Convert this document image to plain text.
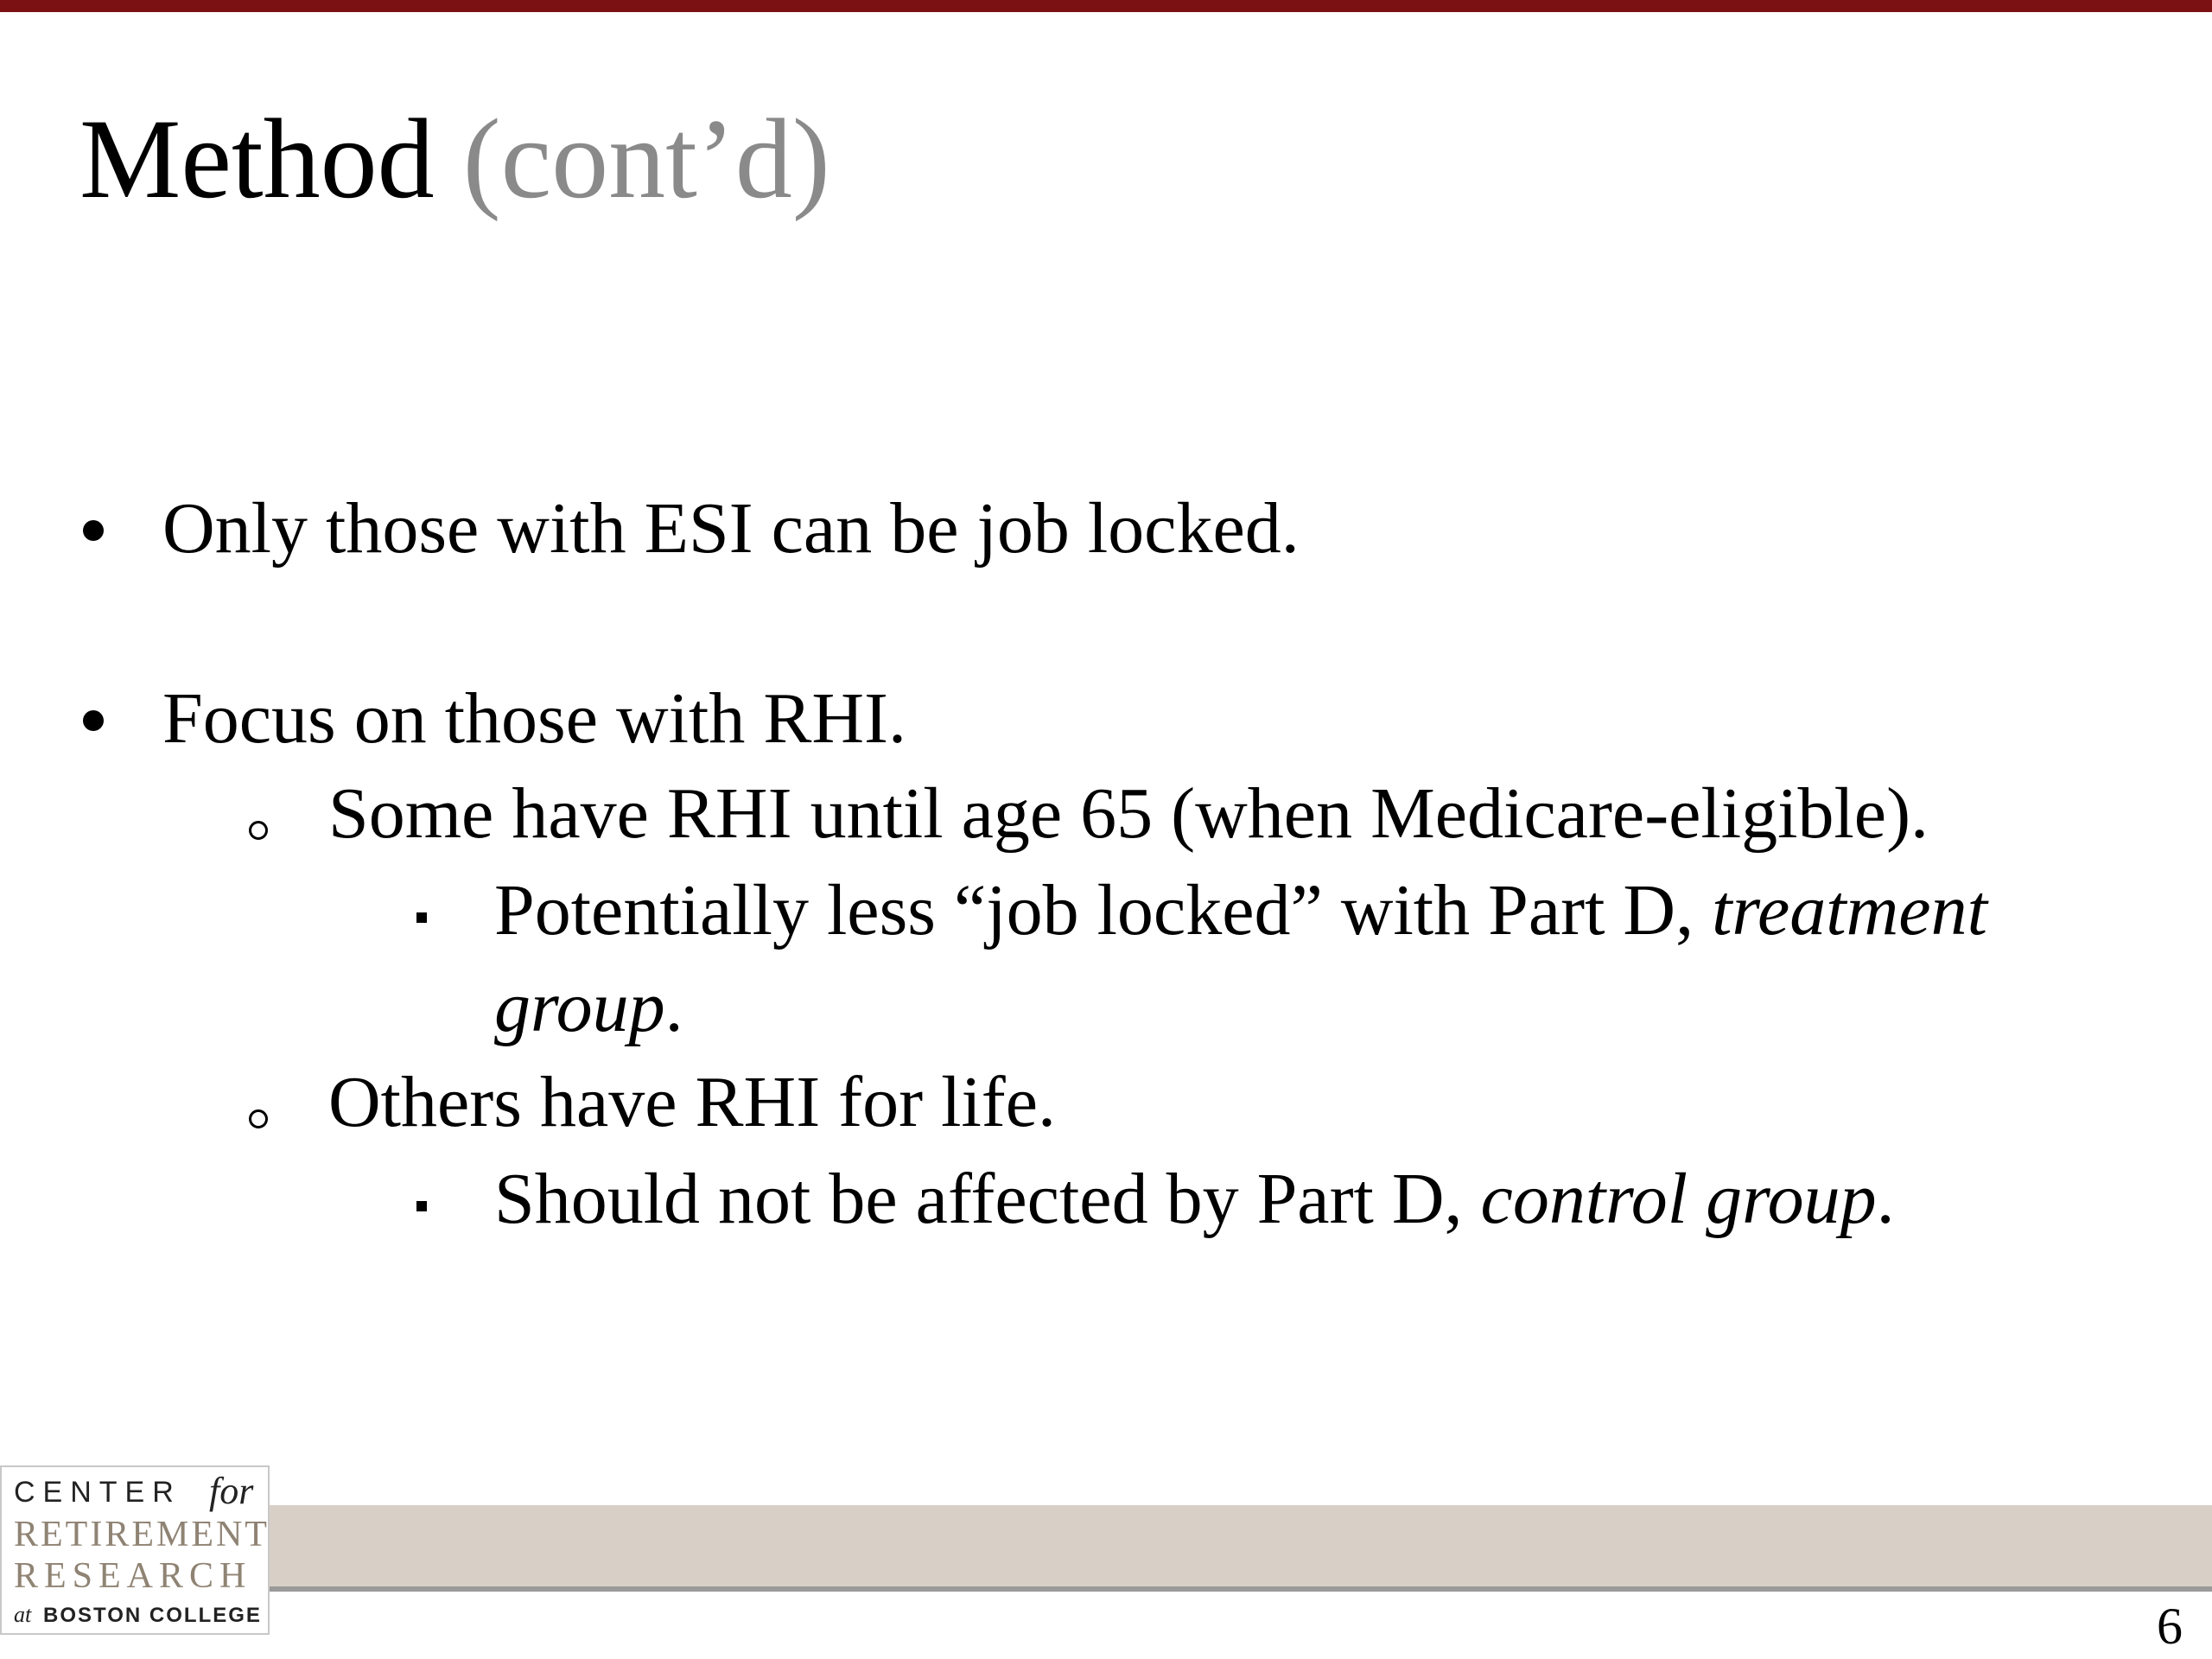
Method (cont’d)
Only those with ESI can be job locked.
Focus on those with RHI.
Some have RHI until age 65 (when Medicare-eligible).
Potentially less “job locked” with Part D, treatment
group.
Others have RHI for life.
Should not be affected by Part D, control group.
CENTER for
RETIREMENT
RESEARCH
at BOSTON COLLEGE	6
